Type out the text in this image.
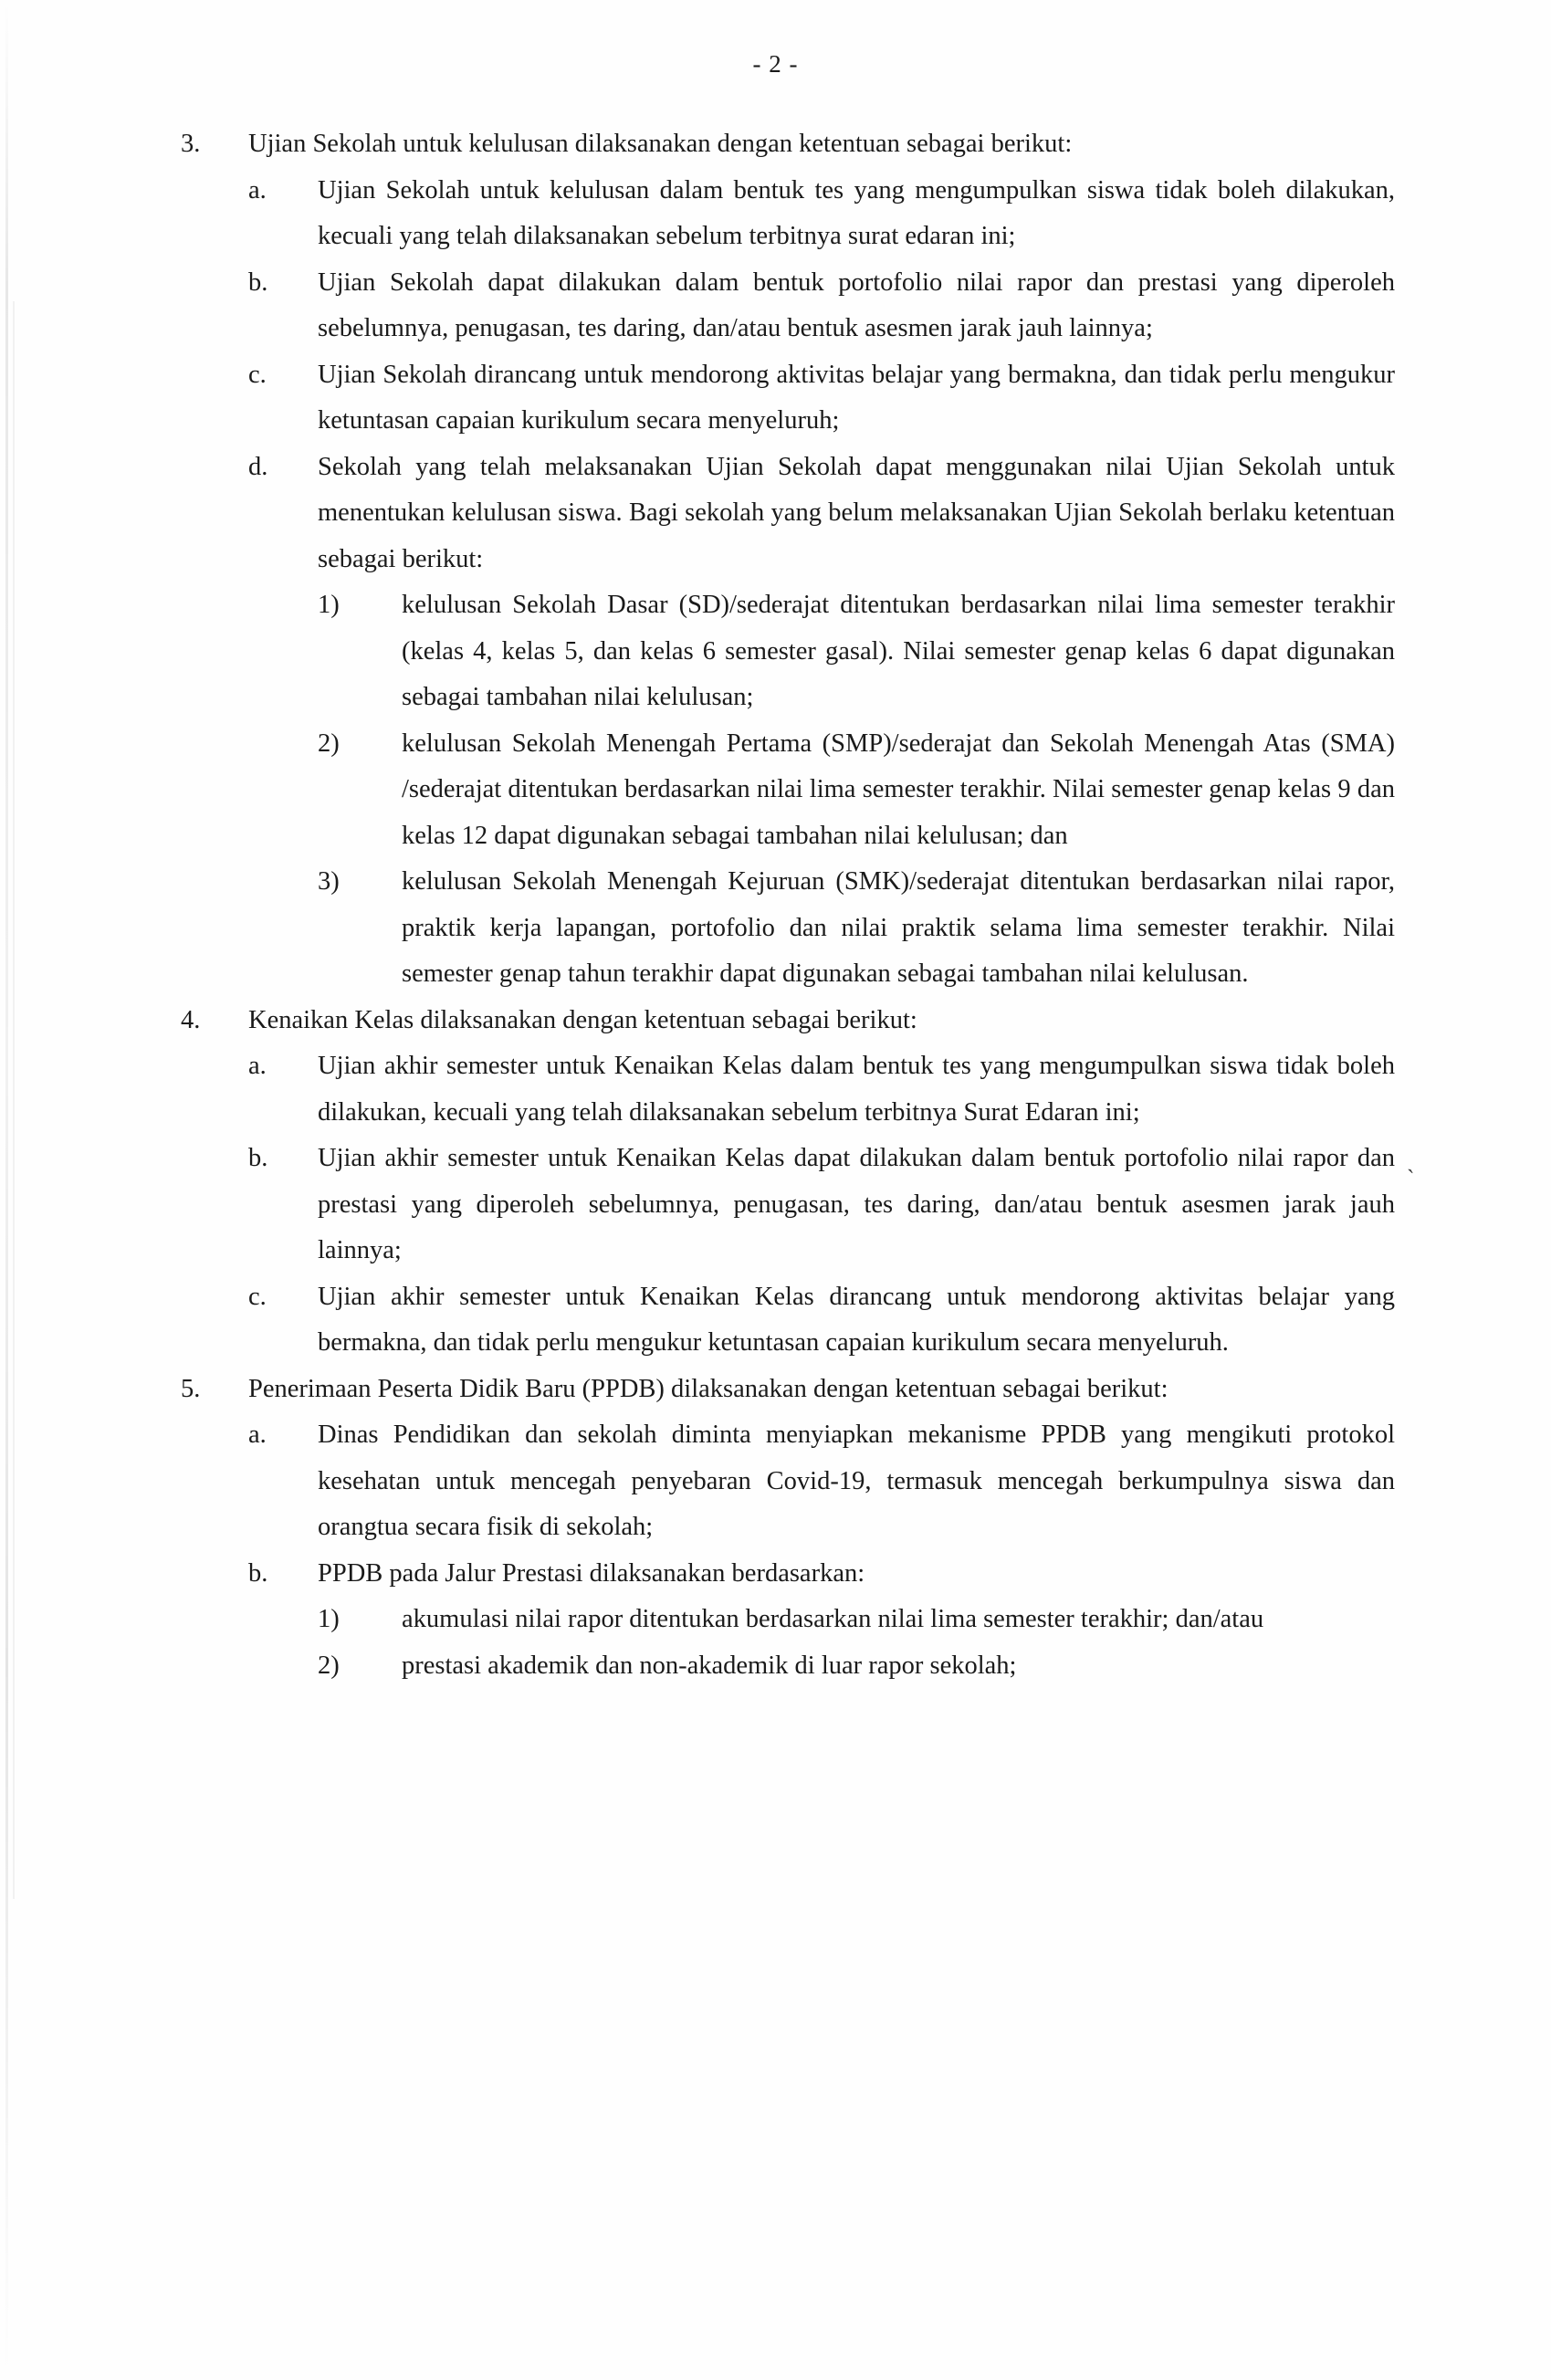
- 2 -
3.	Ujian Sekolah untuk kelulusan dilaksanakan dengan ketentuan sebagai berikut:
a.	Ujian Sekolah untuk kelulusan dalam bentuk tes yang mengumpulkan siswa tidak boleh dilakukan, kecuali yang telah dilaksanakan sebelum terbitnya surat edaran ini;
b.	Ujian Sekolah dapat dilakukan dalam bentuk portofolio nilai rapor dan prestasi yang diperoleh sebelumnya, penugasan, tes daring, dan/atau bentuk asesmen jarak jauh lainnya;
c.	Ujian Sekolah dirancang untuk mendorong aktivitas belajar yang bermakna, dan tidak perlu mengukur ketuntasan capaian kurikulum secara menyeluruh;
d.	Sekolah yang telah melaksanakan Ujian Sekolah dapat menggunakan nilai Ujian Sekolah untuk menentukan kelulusan siswa. Bagi sekolah yang belum melaksanakan Ujian Sekolah berlaku ketentuan sebagai berikut:
1)	kelulusan Sekolah Dasar (SD)/sederajat ditentukan berdasarkan nilai lima semester terakhir (kelas 4, kelas 5, dan kelas 6 semester gasal). Nilai semester genap kelas 6 dapat digunakan sebagai tambahan nilai kelulusan;
2)	kelulusan Sekolah Menengah Pertama (SMP)/sederajat dan Sekolah Menengah Atas (SMA) /sederajat ditentukan berdasarkan nilai lima semester terakhir. Nilai semester genap kelas 9 dan kelas 12 dapat digunakan sebagai tambahan nilai kelulusan; dan
3)	kelulusan Sekolah Menengah Kejuruan (SMK)/sederajat ditentukan berdasarkan nilai rapor, praktik kerja lapangan, portofolio dan nilai praktik selama lima semester terakhir. Nilai semester genap tahun terakhir dapat digunakan sebagai tambahan nilai kelulusan.
4.	Kenaikan Kelas dilaksanakan dengan ketentuan sebagai berikut:
a.	Ujian akhir semester untuk Kenaikan Kelas dalam bentuk tes yang mengumpulkan siswa tidak boleh dilakukan, kecuali yang telah dilaksanakan sebelum terbitnya Surat Edaran ini;
b.	Ujian akhir semester untuk Kenaikan Kelas dapat dilakukan dalam bentuk portofolio nilai rapor dan prestasi yang diperoleh sebelumnya, penugasan, tes daring, dan/atau bentuk asesmen jarak jauh lainnya;
c.	Ujian akhir semester untuk Kenaikan Kelas dirancang untuk mendorong aktivitas belajar yang bermakna, dan tidak perlu mengukur ketuntasan capaian kurikulum secara menyeluruh.
5.	Penerimaan Peserta Didik Baru (PPDB) dilaksanakan dengan ketentuan sebagai berikut:
a.	Dinas Pendidikan dan sekolah diminta menyiapkan mekanisme PPDB yang mengikuti protokol kesehatan untuk mencegah penyebaran Covid-19, termasuk mencegah berkumpulnya siswa dan orangtua secara fisik di sekolah;
b.	PPDB pada Jalur Prestasi dilaksanakan berdasarkan:
1)	akumulasi nilai rapor ditentukan berdasarkan nilai lima semester terakhir; dan/atau
2)	prestasi akademik dan non-akademik di luar rapor sekolah;
`
